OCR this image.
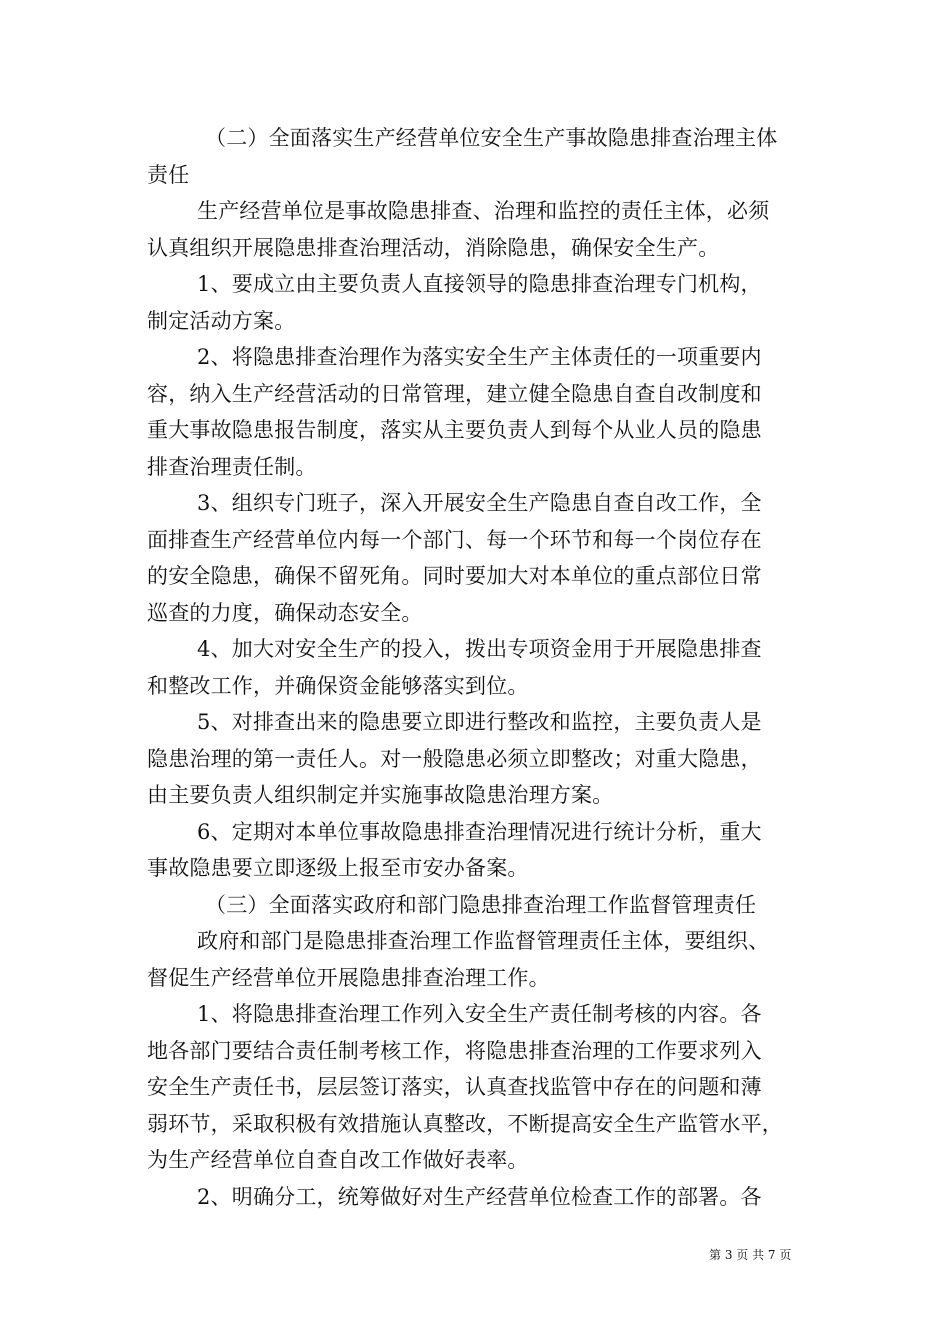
（二）全面落实生产经营单位安全生产事故隐患排查治理主体
责任
生产经营单位是事故隐患排查、治理和监控的责任主体，必须
认真组织开展隐患排查治理活动，消除隐患，确保安全生产。
1、要成立由主要负责人直接领导的隐患排查治理专门机构，
制定活动方案。
2、将隐患排查治理作为落实安全生产主体责任的一项重要内
容，纳入生产经营活动的日常管理，建立健全隐患自查自改制度和
重大事故隐患报告制度，落实从主要负责人到每个从业人员的隐患
排查治理责任制。
3、组织专门班子，深入开展安全生产隐患自查自改工作，全
面排查生产经营单位内每一个部门、每一个环节和每一个岗位存在
的安全隐患，确保不留死角。同时要加大对本单位的重点部位日常
巡查的力度，确保动态安全。
4、加大对安全生产的投入，拨出专项资金用于开展隐患排查
和整改工作，并确保资金能够落实到位。
5、对排查出来的隐患要立即进行整改和监控，主要负责人是
隐患治理的第一责任人。对一般隐患必须立即整改；对重大隐患，
由主要负责人组织制定并实施事故隐患治理方案。
6、定期对本单位事故隐患排查治理情况进行统计分析，重大
事故隐患要立即逐级上报至市安办备案。
（三）全面落实政府和部门隐患排查治理工作监督管理责任
政府和部门是隐患排查治理工作监督管理责任主体，要组织、
督促生产经营单位开展隐患排查治理工作。
1、将隐患排查治理工作列入安全生产责任制考核的内容。各
地各部门要结合责任制考核工作，将隐患排查治理的工作要求列入
安全生产责任书，层层签订落实，认真查找监管中存在的问题和薄
弱环节，采取积极有效措施认真整改，不断提高安全生产监管水平，
为生产经营单位自查自改工作做好表率。
2、明确分工，统筹做好对生产经营单位检查工作的部署。各
第 3 页 共 7 页
